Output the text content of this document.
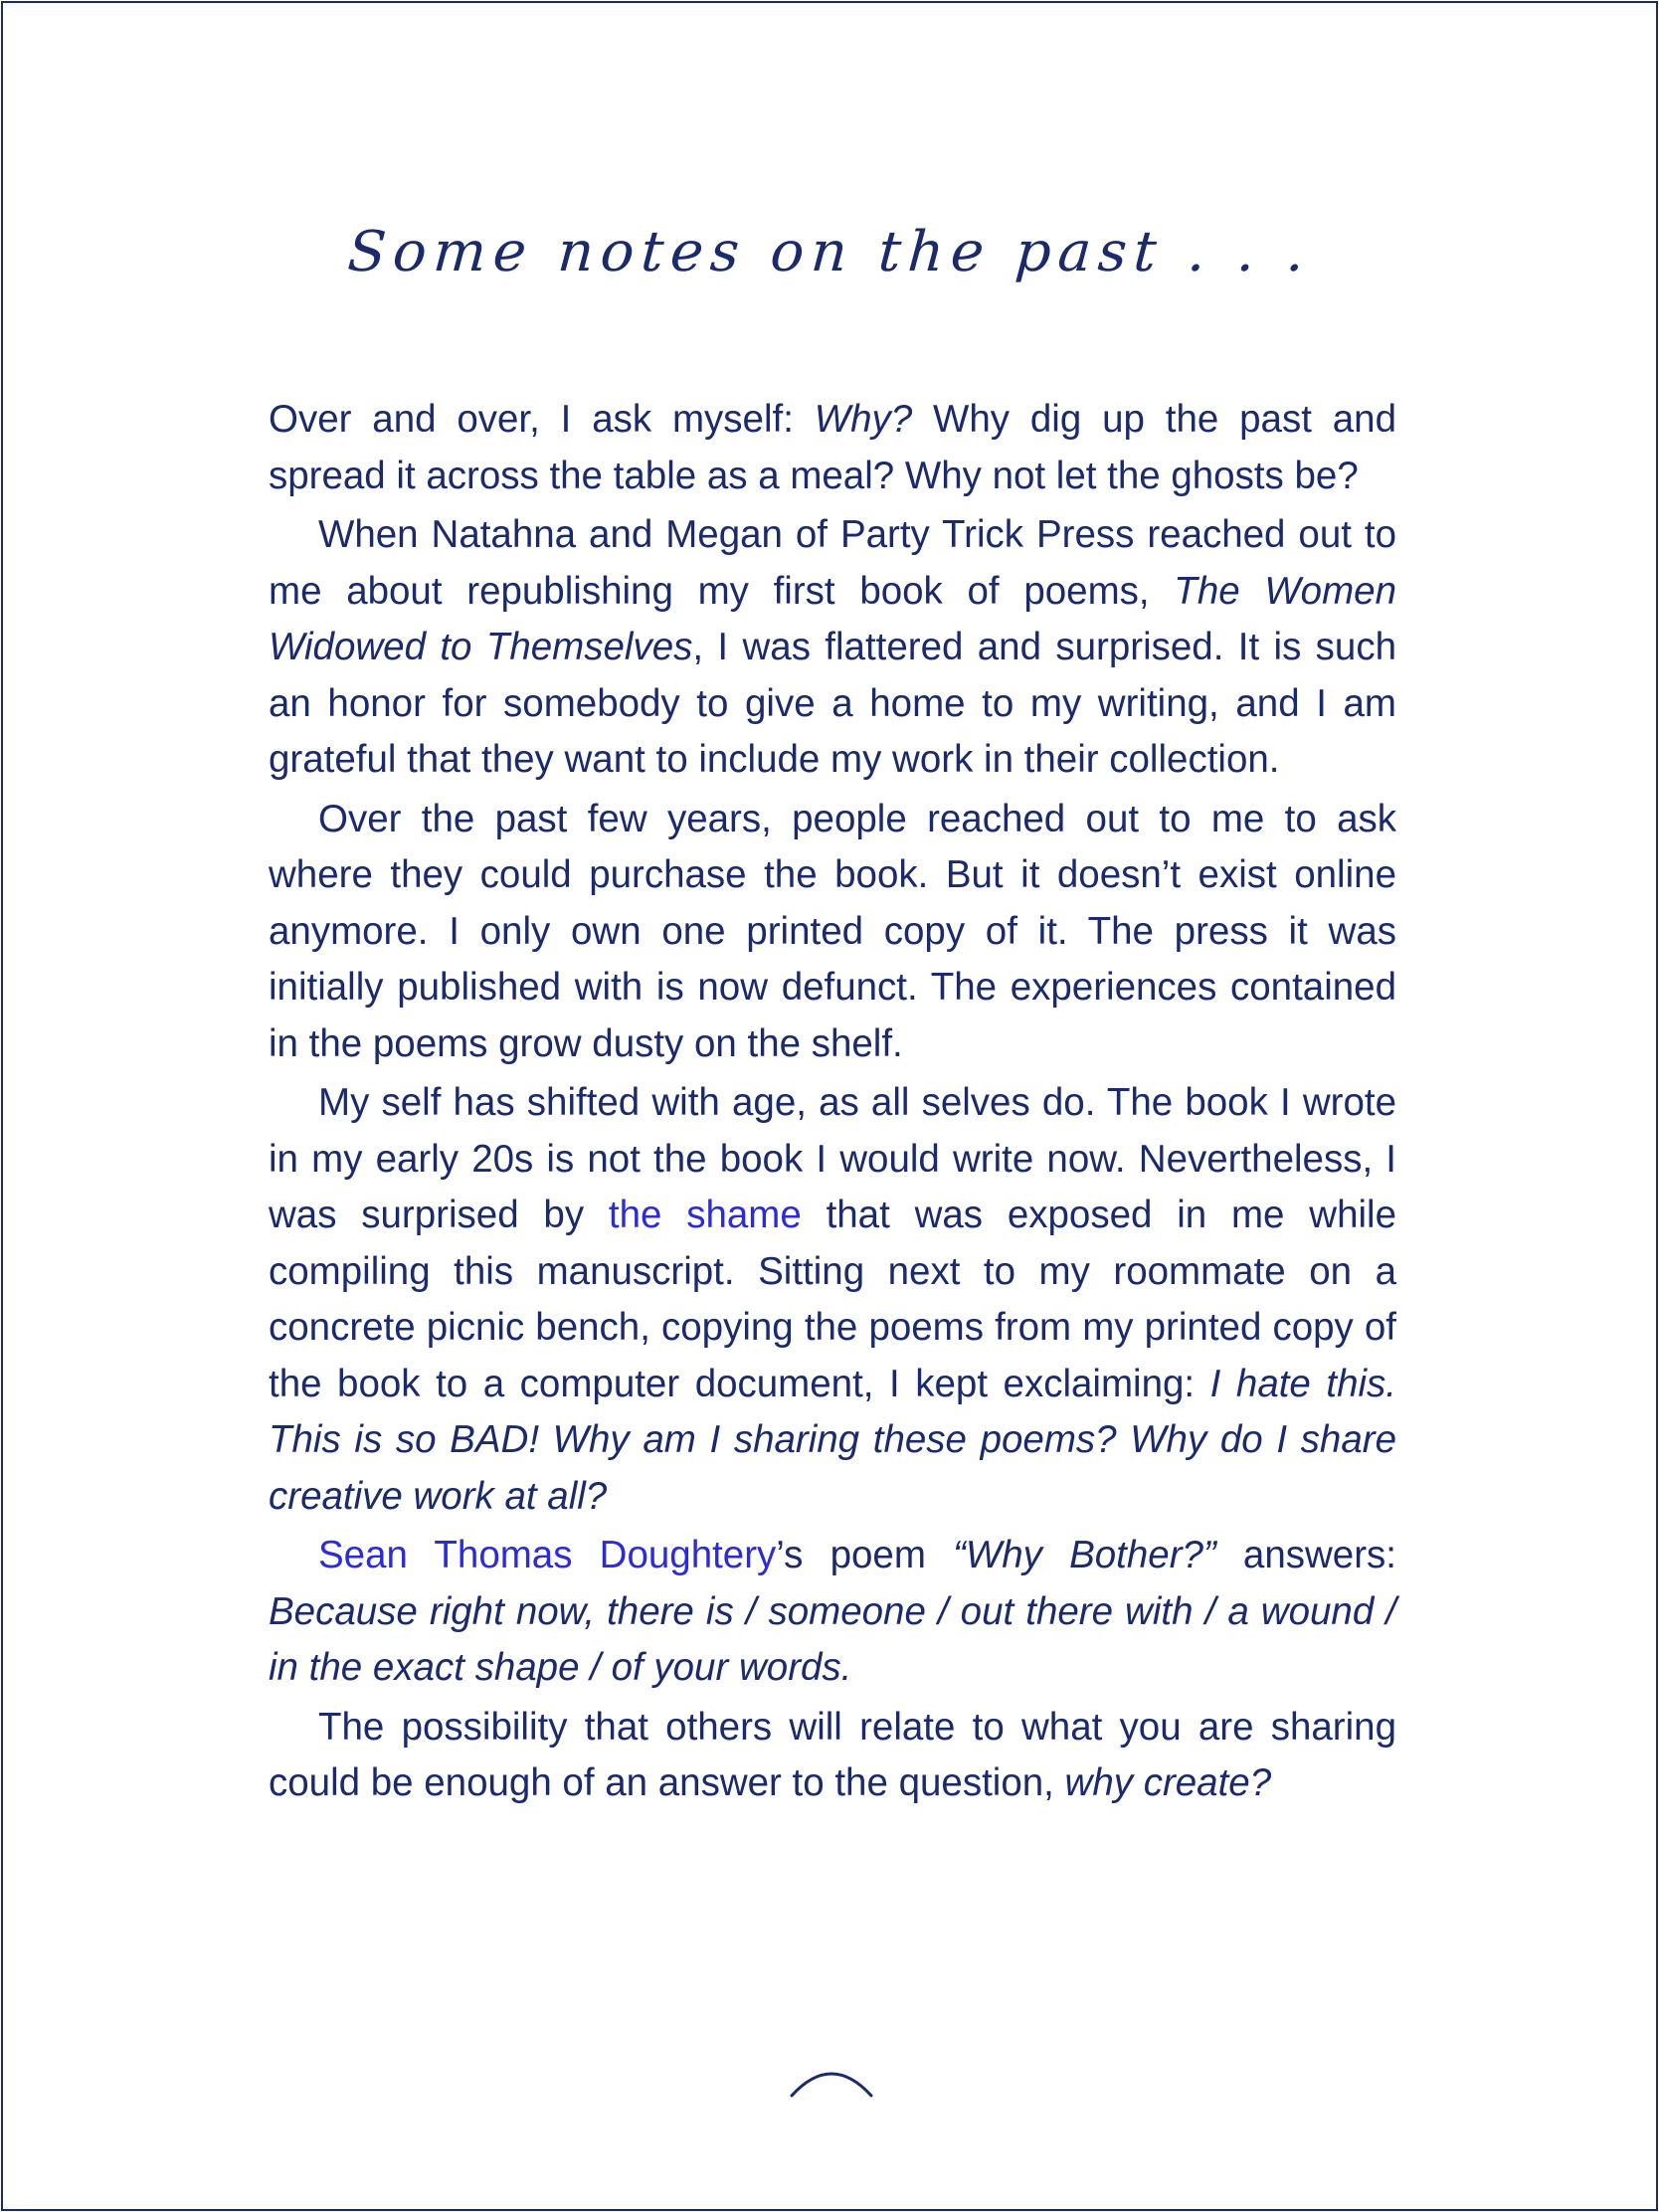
Some notes on the past . . .

Over and over, I ask myself: Why? Why dig up the past and spread it across the table as a meal? Why not let the ghosts be?

When Natahna and Megan of Party Trick Press reached out to me about republishing my first book of poems, The Women Widowed to Themselves, I was flattered and surprised. It is such an honor for somebody to give a home to my writing, and I am grateful that they want to include my work in their collection.

Over the past few years, people reached out to me to ask where they could purchase the book. But it doesn’t exist online anymore. I only own one printed copy of it. The press it was initially published with is now defunct. The experiences contained in the poems grow dusty on the shelf.

My self has shifted with age, as all selves do. The book I wrote in my early 20s is not the book I would write now. Nevertheless, I was surprised by the shame that was exposed in me while compiling this manuscript. Sitting next to my roommate on a concrete picnic bench, copying the poems from my printed copy of the book to a computer document, I kept exclaiming: I hate this. This is so BAD! Why am I sharing these poems? Why do I share creative work at all?

Sean Thomas Doughtery’s poem “Why Bother?” answers: Because right now, there is / someone / out there with / a wound / in the exact shape / of your words.

The possibility that others will relate to what you are sharing could be enough of an answer to the question, why create?
